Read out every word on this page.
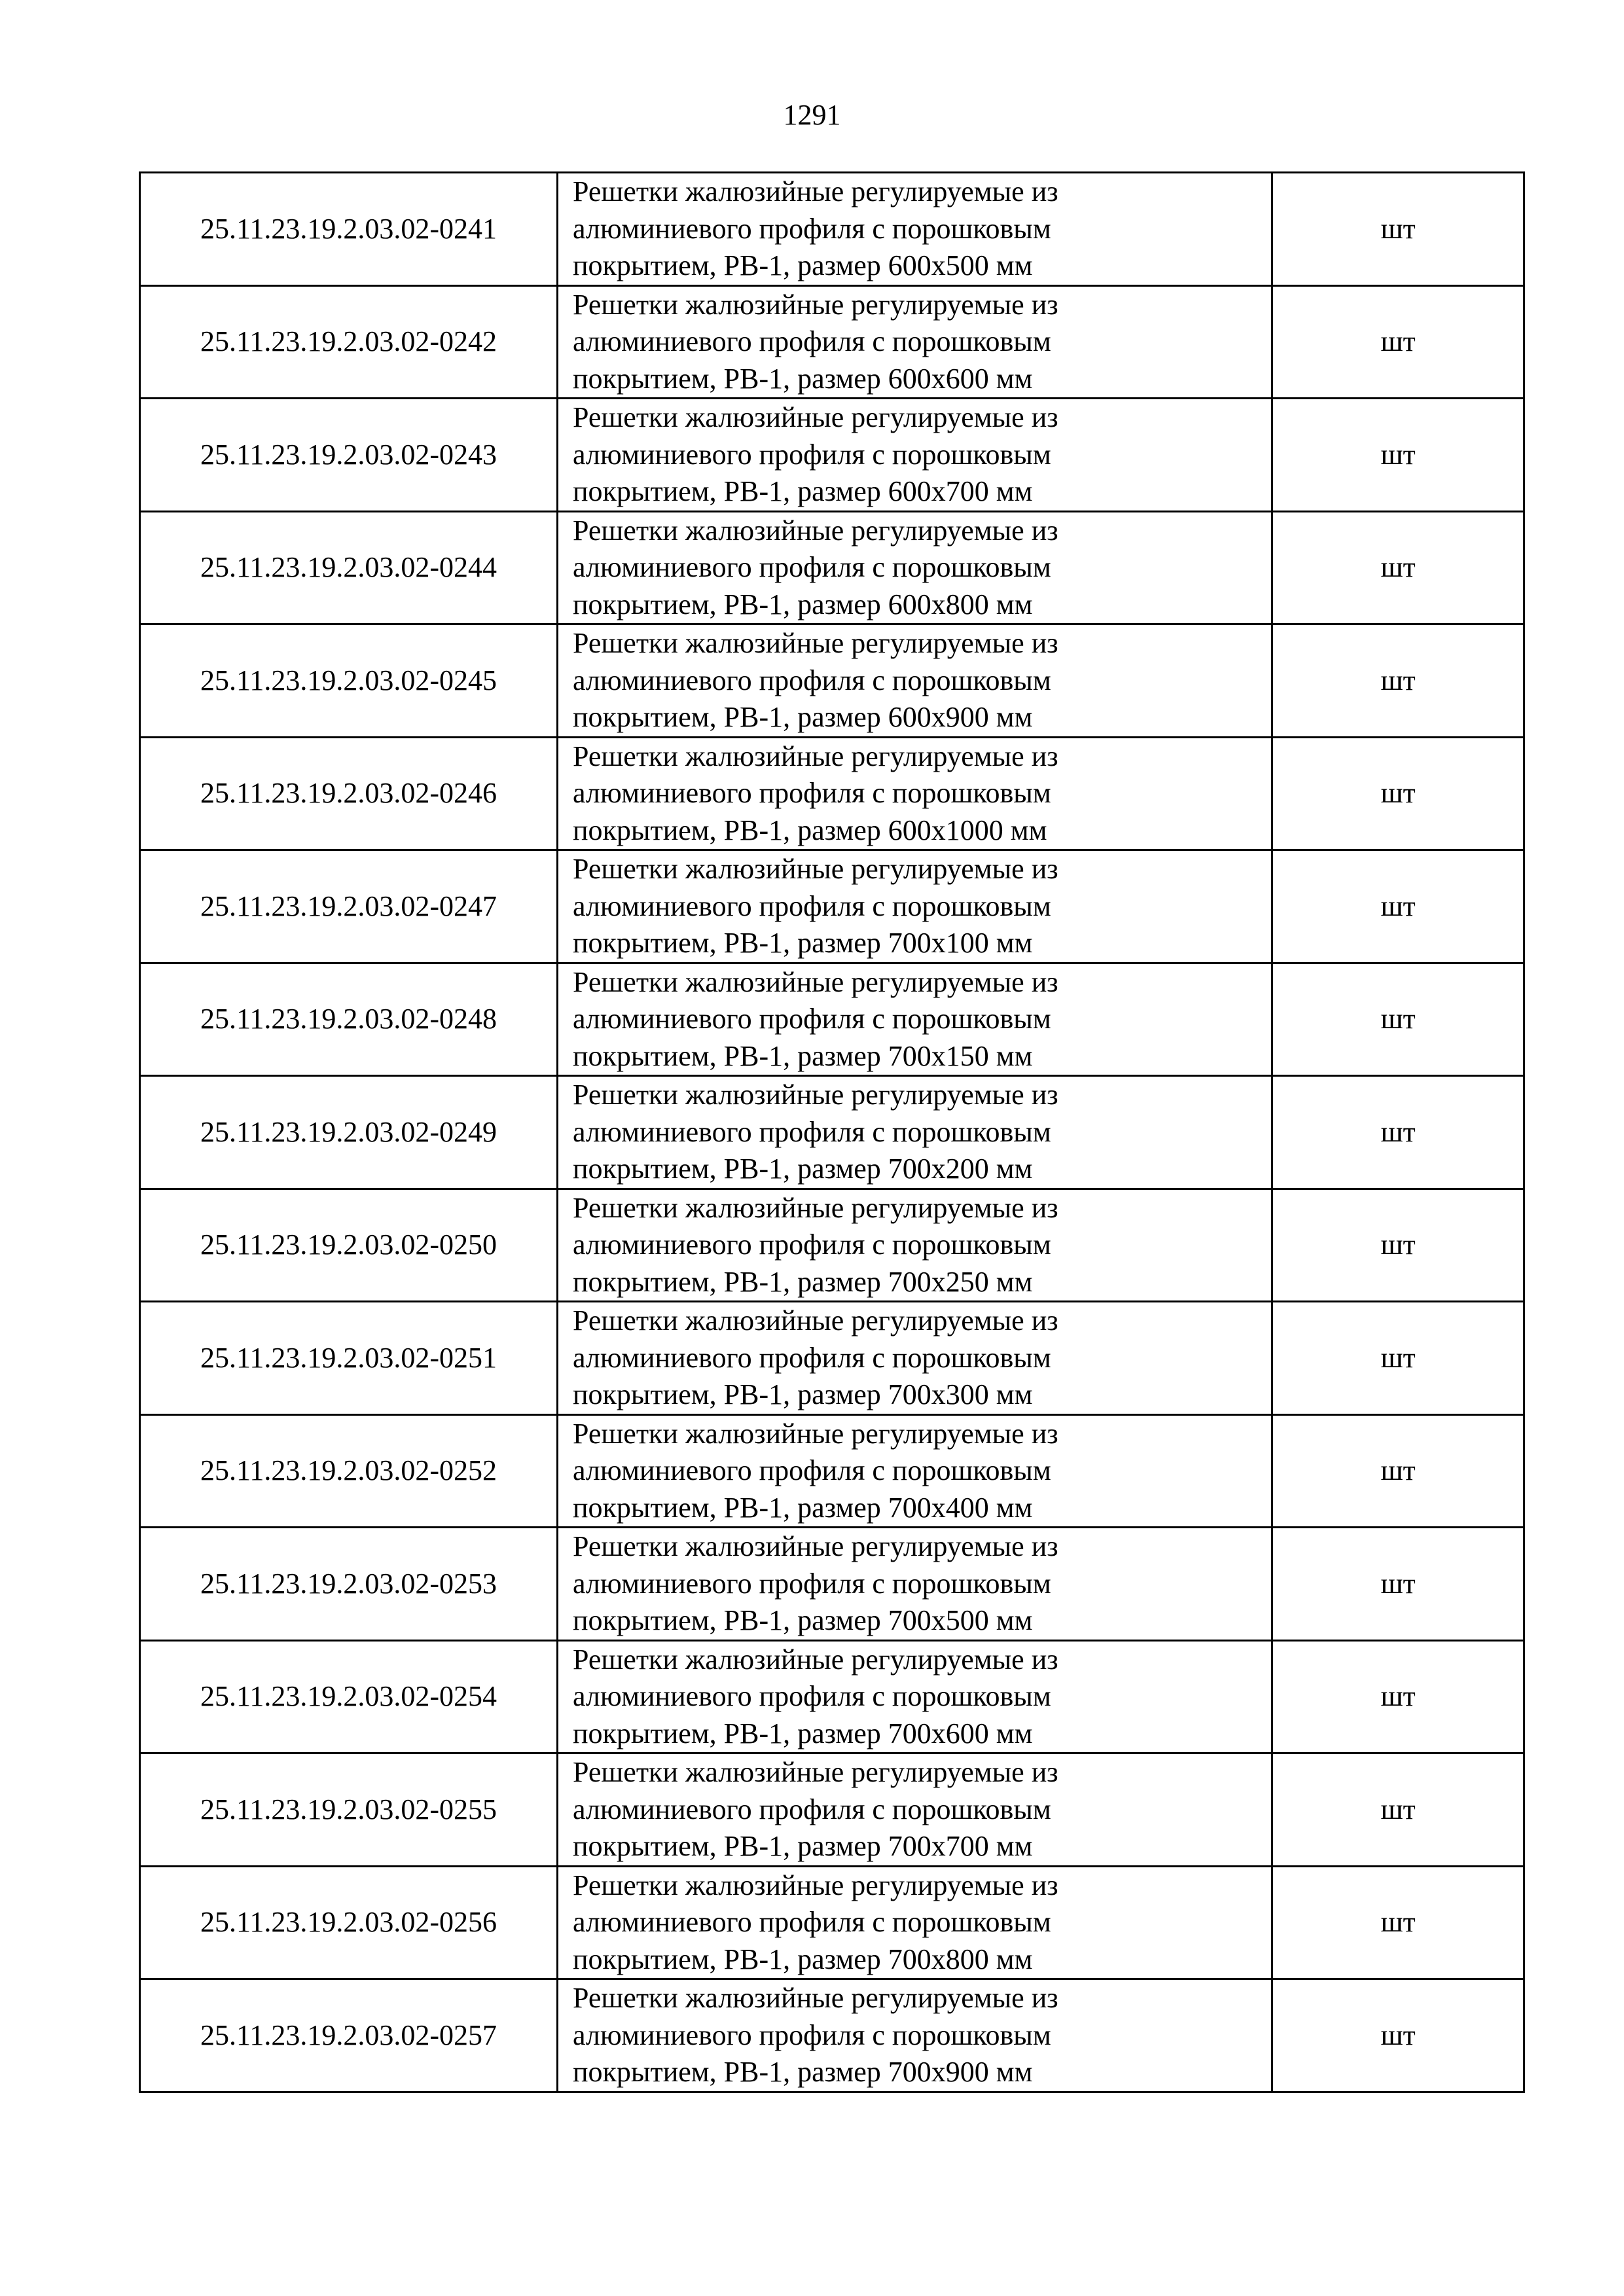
1291
25.11.23.19.2.03.02-0241	Решетки жалюзийные регулируемые из
алюминиевого профиля с порошковым
покрытием, РВ-1, размер 600х500 мм	шт
25.11.23.19.2.03.02-0242	Решетки жалюзийные регулируемые из
алюминиевого профиля с порошковым
покрытием, РВ-1, размер 600х600 мм	шт
25.11.23.19.2.03.02-0243	Решетки жалюзийные регулируемые из
алюминиевого профиля с порошковым
покрытием, РВ-1, размер 600х700 мм	шт
25.11.23.19.2.03.02-0244	Решетки жалюзийные регулируемые из
алюминиевого профиля с порошковым
покрытием, РВ-1, размер 600х800 мм	шт
25.11.23.19.2.03.02-0245	Решетки жалюзийные регулируемые из
алюминиевого профиля с порошковым
покрытием, РВ-1, размер 600х900 мм	шт
25.11.23.19.2.03.02-0246	Решетки жалюзийные регулируемые из
алюминиевого профиля с порошковым
покрытием, РВ-1, размер 600х1000 мм	шт
25.11.23.19.2.03.02-0247	Решетки жалюзийные регулируемые из
алюминиевого профиля с порошковым
покрытием, РВ-1, размер 700х100 мм	шт
25.11.23.19.2.03.02-0248	Решетки жалюзийные регулируемые из
алюминиевого профиля с порошковым
покрытием, РВ-1, размер 700х150 мм	шт
25.11.23.19.2.03.02-0249	Решетки жалюзийные регулируемые из
алюминиевого профиля с порошковым
покрытием, РВ-1, размер 700х200 мм	шт
25.11.23.19.2.03.02-0250	Решетки жалюзийные регулируемые из
алюминиевого профиля с порошковым
покрытием, РВ-1, размер 700х250 мм	шт
25.11.23.19.2.03.02-0251	Решетки жалюзийные регулируемые из
алюминиевого профиля с порошковым
покрытием, РВ-1, размер 700х300 мм	шт
25.11.23.19.2.03.02-0252	Решетки жалюзийные регулируемые из
алюминиевого профиля с порошковым
покрытием, РВ-1, размер 700х400 мм	шт
25.11.23.19.2.03.02-0253	Решетки жалюзийные регулируемые из
алюминиевого профиля с порошковым
покрытием, РВ-1, размер 700х500 мм	шт
25.11.23.19.2.03.02-0254	Решетки жалюзийные регулируемые из
алюминиевого профиля с порошковым
покрытием, РВ-1, размер 700х600 мм	шт
25.11.23.19.2.03.02-0255	Решетки жалюзийные регулируемые из
алюминиевого профиля с порошковым
покрытием, РВ-1, размер 700х700 мм	шт
25.11.23.19.2.03.02-0256	Решетки жалюзийные регулируемые из
алюминиевого профиля с порошковым
покрытием, РВ-1, размер 700х800 мм	шт
25.11.23.19.2.03.02-0257	Решетки жалюзийные регулируемые из
алюминиевого профиля с порошковым
покрытием, РВ-1, размер 700х900 мм	шт
